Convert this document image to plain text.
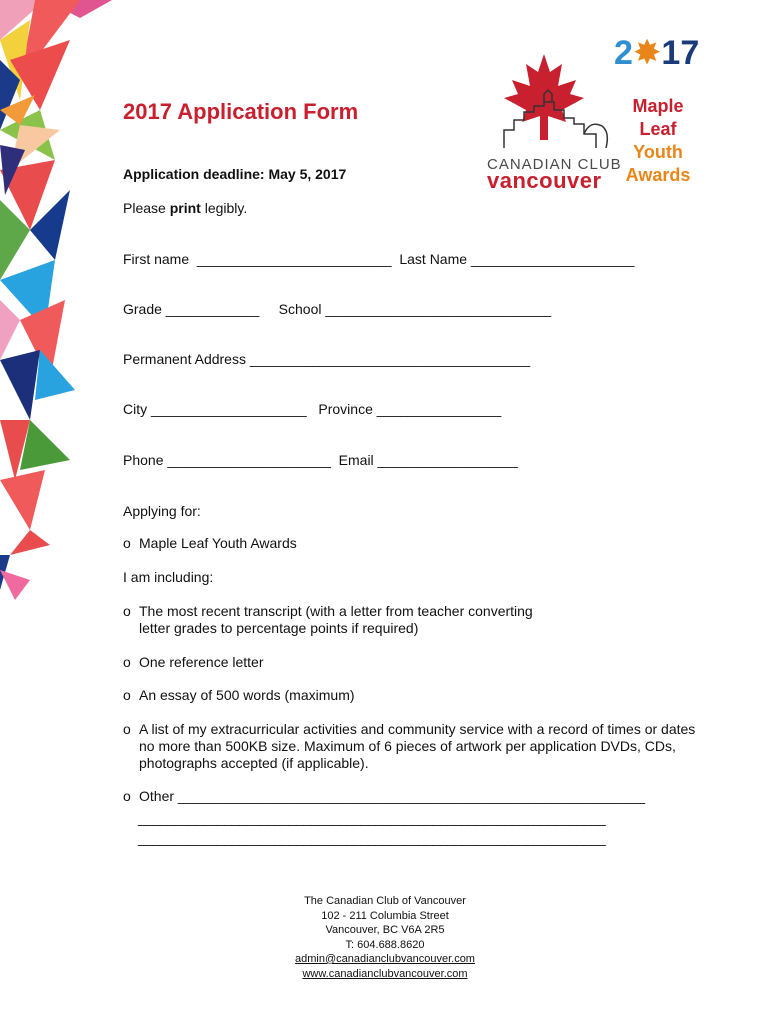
2✸17
Maple
Leaf
Youth
Awards
CANADIAN CLUB
vancouver
2017 Application Form
Application deadline: May 5, 2017
Please print legibly.
First name  _________________________  Last Name _____________________
Grade ____________     School _____________________________
Permanent Address ____________________________________
City ____________________   Province ________________
Phone _____________________  Email __________________
Applying for:
o Maple Leaf Youth Awards
I am including:
o The most recent transcript (with a letter from teacher converting
letter grades to percentage points if required)
o One reference letter
o An essay of 500 words (maximum)
o A list of my extracurricular activities and community service with a record of times or dates
no more than 500KB size. Maximum of 6 pieces of artwork per application DVDs, CDs,
photographs accepted (if applicable).
o Other ____________________________________________________________
_________________________________________________________________
_________________________________________________________________
The Canadian Club of Vancouver
102 - 211 Columbia Street
Vancouver, BC V6A 2R5
T: 604.688.8620
admin@canadianclubvancouver.com
www.canadianclubvancouver.com
